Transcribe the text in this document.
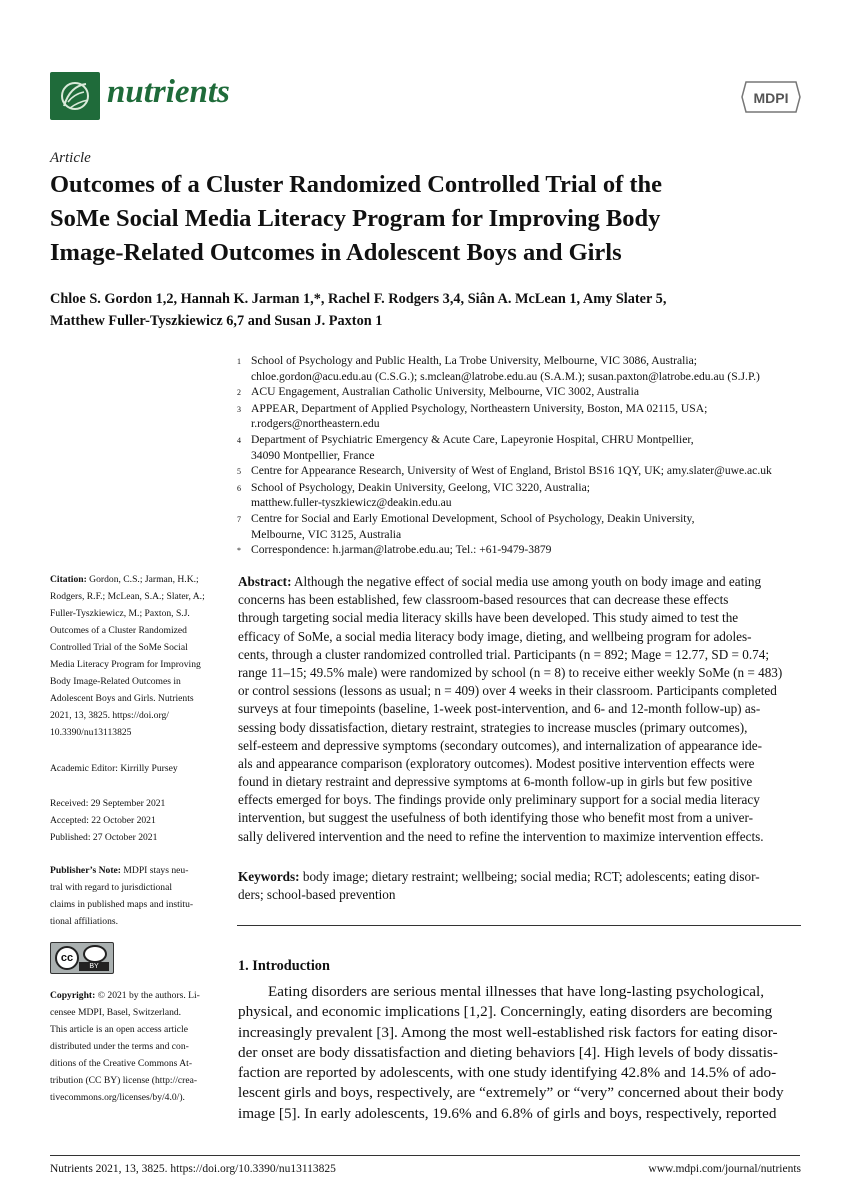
nutrients	MDPI
Article
Outcomes of a Cluster Randomized Controlled Trial of the
SoMe Social Media Literacy Program for Improving Body
Image-Related Outcomes in Adolescent Boys and Girls
Chloe S. Gordon 1,2, Hannah K. Jarman 1,*, Rachel F. Rodgers 3,4, Siân A. McLean 1, Amy Slater 5,
Matthew Fuller-Tyszkiewicz 6,7 and Susan J. Paxton 1
1 School of Psychology and Public Health, La Trobe University, Melbourne, VIC 3086, Australia;
chloe.gordon@acu.edu.au (C.S.G.); s.mclean@latrobe.edu.au (S.A.M.); susan.paxton@latrobe.edu.au (S.J.P.)
2 ACU Engagement, Australian Catholic University, Melbourne, VIC 3002, Australia
3 APPEAR, Department of Applied Psychology, Northeastern University, Boston, MA 02115, USA;
r.rodgers@northeastern.edu
4 Department of Psychiatric Emergency & Acute Care, Lapeyronie Hospital, CHRU Montpellier,
34090 Montpellier, France
5 Centre for Appearance Research, University of West of England, Bristol BS16 1QY, UK; amy.slater@uwe.ac.uk
6 School of Psychology, Deakin University, Geelong, VIC 3220, Australia;
matthew.fuller-tyszkiewicz@deakin.edu.au
7 Centre for Social and Early Emotional Development, School of Psychology, Deakin University,
Melbourne, VIC 3125, Australia
* Correspondence: h.jarman@latrobe.edu.au; Tel.: +61-9479-3879
Citation: Gordon, C.S.; Jarman, H.K.;
Rodgers, R.F.; McLean, S.A.; Slater, A.;
Fuller-Tyszkiewicz, M.; Paxton, S.J.
Outcomes of a Cluster Randomized
Controlled Trial of the SoMe Social
Media Literacy Program for Improving
Body Image-Related Outcomes in
Adolescent Boys and Girls. Nutrients
2021, 13, 3825. https://doi.org/
10.3390/nu13113825
Academic Editor: Kirrilly Pursey
Received: 29 September 2021
Accepted: 22 October 2021
Published: 27 October 2021
Publisher’s Note: MDPI stays neu-
tral with regard to jurisdictional
claims in published maps and institu-
tional affiliations.
cc
BY
Copyright: © 2021 by the authors. Li-
censee MDPI, Basel, Switzerland.
This article is an open access article
distributed under the terms and con-
ditions of the Creative Commons At-
tribution (CC BY) license (http://crea-
tivecommons.org/licenses/by/4.0/).
Abstract: Although the negative effect of social media use among youth on body image and eating
concerns has been established, few classroom-based resources that can decrease these effects
through targeting social media literacy skills have been developed. This study aimed to test the
efficacy of SoMe, a social media literacy body image, dieting, and wellbeing program for adoles-
cents, through a cluster randomized controlled trial. Participants (n = 892; Mage = 12.77, SD = 0.74;
range 11–15; 49.5% male) were randomized by school (n = 8) to receive either weekly SoMe (n = 483)
or control sessions (lessons as usual; n = 409) over 4 weeks in their classroom. Participants completed
surveys at four timepoints (baseline, 1-week post-intervention, and 6- and 12-month follow-up) as-
sessing body dissatisfaction, dietary restraint, strategies to increase muscles (primary outcomes),
self-esteem and depressive symptoms (secondary outcomes), and internalization of appearance ide-
als and appearance comparison (exploratory outcomes). Modest positive intervention effects were
found in dietary restraint and depressive symptoms at 6-month follow-up in girls but few positive
effects emerged for boys. The findings provide only preliminary support for a social media literacy
intervention, but suggest the usefulness of both identifying those who benefit most from a univer-
sally delivered intervention and the need to refine the intervention to maximize intervention effects.
Keywords: body image; dietary restraint; wellbeing; social media; RCT; adolescents; eating disor-
ders; school-based prevention
1. Introduction
Eating disorders are serious mental illnesses that have long-lasting psychological,
physical, and economic implications [1,2]. Concerningly, eating disorders are becoming
increasingly prevalent [3]. Among the most well-established risk factors for eating disor-
der onset are body dissatisfaction and dieting behaviors [4]. High levels of body dissatis-
faction are reported by adolescents, with one study identifying 42.8% and 14.5% of ado-
lescent girls and boys, respectively, are “extremely” or “very” concerned about their body
image [5]. In early adolescents, 19.6% and 6.8% of girls and boys, respectively, reported
Nutrients 2021, 13, 3825. https://doi.org/10.3390/nu13113825	www.mdpi.com/journal/nutrients
